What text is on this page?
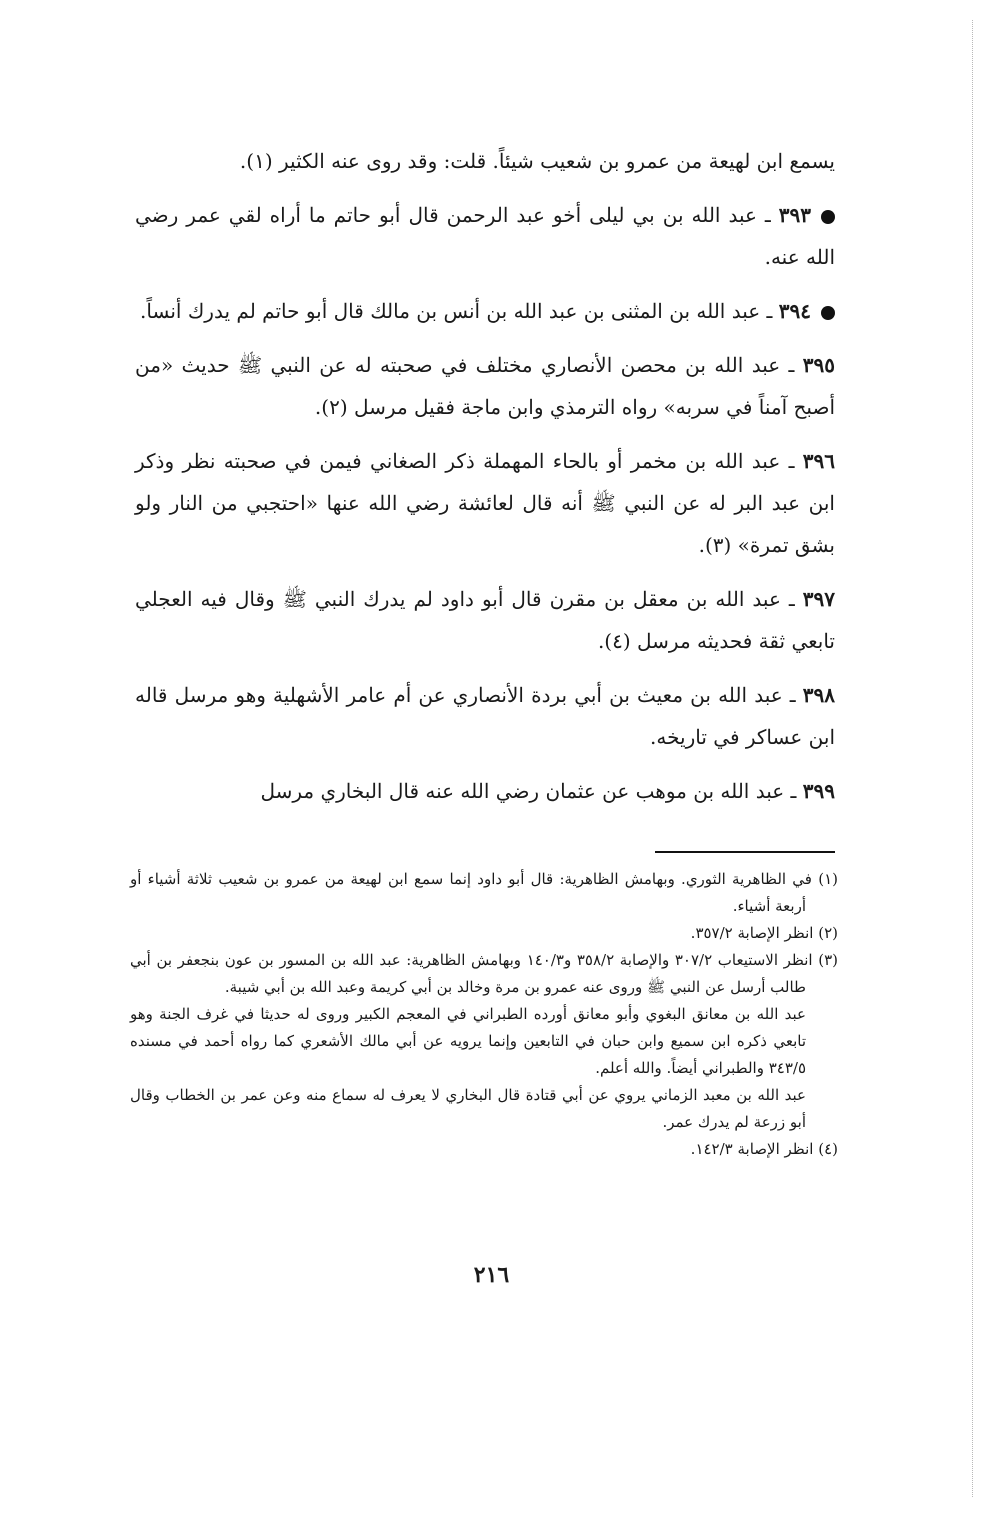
يسمع ابن لهيعة من عمرو بن شعيب شيئاً. قلت: وقد روى عنه الكثير (١).

٣٩٣ ـ عبد الله بن بي ليلى أخو عبد الرحمن قال أبو حاتم ما أراه لقي عمر رضي الله عنه.

٣٩٤ ـ عبد الله بن المثنى بن عبد الله بن أنس بن مالك قال أبو حاتم لم يدرك أنساً.

٣٩٥ ـ عبد الله بن محصن الأنصاري مختلف في صحبته له عن النبي ﷺ حديث «من أصبح آمناً في سربه» رواه الترمذي وابن ماجة فقيل مرسل (٢).

٣٩٦ ـ عبد الله بن مخمر أو بالحاء المهملة ذكر الصغاني فيمن في صحبته نظر وذكر ابن عبد البر له عن النبي ﷺ أنه قال لعائشة رضي الله عنها «احتجبي من النار ولو بشق تمرة» (٣).

٣٩٧ ـ عبد الله بن معقل بن مقرن قال أبو داود لم يدرك النبي ﷺ وقال فيه العجلي تابعي ثقة فحديثه مرسل (٤).

٣٩٨ ـ عبد الله بن معيث بن أبي بردة الأنصاري عن أم عامر الأشهلية وهو مرسل قاله ابن عساكر في تاريخه.

٣٩٩ ـ عبد الله بن موهب عن عثمان رضي الله عنه قال البخاري مرسل

(١) في الظاهرية الثوري. وبهامش الظاهرية: قال أبو داود إنما سمع ابن لهيعة من عمرو بن شعيب ثلاثة أشياء أو أربعة أشياء.

(٢) انظر الإصابة ٣٥٧/٢.

(٣) انظر الاستيعاب ٣٠٧/٢ والإصابة ٣٥٨/٢ و١٤٠/٣ وبهامش الظاهرية: عبد الله بن المسور بن عون بنجعفر بن أبي طالب أرسل عن النبي ﷺ وروى عنه عمرو بن مرة وخالد بن أبي كريمة وعبد الله بن أبي شيبة.

عبد الله بن معانق البغوي وأبو معانق أورده الطبراني في المعجم الكبير وروى له حديثا في غرف الجنة وهو تابعي ذكره ابن سميع وابن حبان في التابعين وإنما يرويه عن أبي مالك الأشعري كما رواه أحمد في مسنده ٣٤٣/٥ والطبراني أيضاً. والله أعلم.

عبد الله بن معبد الزماني يروي عن أبي قتادة قال البخاري لا يعرف له سماع منه وعن عمر بن الخطاب وقال أبو زرعة لم يدرك عمر.

(٤) انظر الإصابة ١٤٢/٣.

٢١٦
